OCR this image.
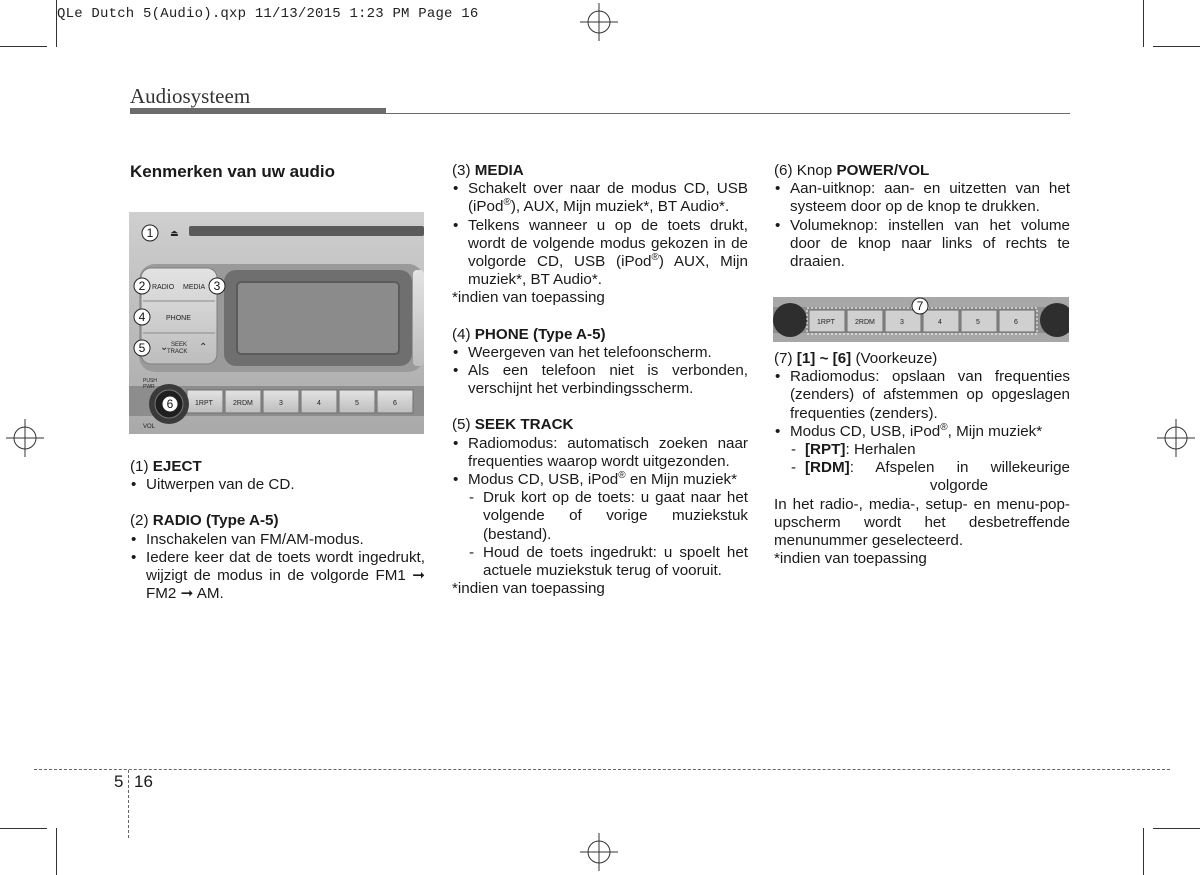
QLe Dutch 5(Audio).qxp 11/13/2015 1:23 PM Page 16
Audiosysteem

Kenmerken van uw audio

RADIO MEDIA
PHONE
SEEK
TRACK
PUSH
PWR
VOL
1RPT	2RDM	3	4	5	6
⌄	⌃
⏏
1
2	3
4
5
6

(1) EJECT

• Uitwerpen van de CD.

(2) RADIO (Type A-5)

• Inschakelen van FM/AM-modus.
• Iedere keer dat de toets wordt ingedrukt, wijzigt de modus in de volgorde FM1 ➞ FM2 ➞ AM.

(3) MEDIA

• Schakelt over naar de modus CD, USB (iPod®), AUX, Mijn muziek*, BT Audio*.
• Telkens wanneer u op de toets drukt, wordt de volgende modus gekozen in de volgorde CD, USB (iPod®) AUX, Mijn muziek*, BT Audio*.

*indien van toepassing

(4) PHONE (Type A-5)

• Weergeven van het telefoonscherm.
• Als een telefoon niet is verbonden, verschijnt het verbindingsscherm.

(5) SEEK TRACK

• Radiomodus: automatisch zoeken naar frequenties waarop wordt uitgezonden.
• Modus CD, USB, iPod® en Mijn muziek*
- Druk kort op de toets: u gaat naar het volgende of vorige muziekstuk (bestand).
- Houd de toets ingedrukt: u spoelt het actuele muziekstuk terug of vooruit.

*indien van toepassing

(6) Knop POWER/VOL

• Aan-uitknop: aan- en uitzetten van het systeem door op de knop te drukken.
• Volumeknop: instellen van het volume door de knop naar links of rechts te draaien.
1RPT	2RDM	3	4	5	6
7

(7) [1] ~ [6] (Voorkeuze)

• Radiomodus: opslaan van frequenties (zenders) of afstemmen op opgeslagen frequenties (zenders).
• Modus CD, USB, iPod®, Mijn muziek*
- [RPT] : Herhalen
- [RDM] : Afspelen in willekeurige
volgorde

In het radio-, media-, setup- en menu-pop-upscherm wordt het desbetreffende menunummer geselecteerd.

*indien van toepassing

5 16
